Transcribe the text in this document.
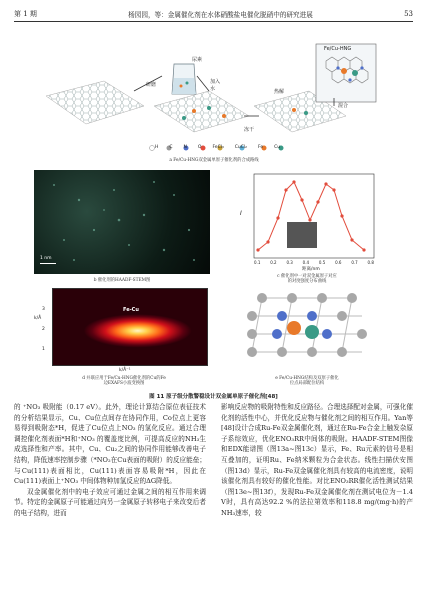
第 1 期	杨园园，等：金属催化剂在水体硝酸盐电催化脱硝中的研究进展	53
尿素
研磨	加入
水
冻干
热解
混合
Fe/Cu-HNG
H C N O FeCl₃ CuCl₂ Fe Cu
a Fe/Cu-HNG双金属单原子催化剂的合成路线
1 nm
b 催化剂的HAADF-STEM图
I
0.1 0.2 0.3 0.4 0.5 0.6 0.7 0.8
距离/nm
c 催化剂中一对双金属原子对应
的对度强度分布曲线
Fe-Cu
3
2
1
k/Å
k/Å⁻¹
d 并联应用于Fe/Cu-HNG催化剂的Cu的Fe
边EXAFS小波变换图
e Fe/Cu-HNG结构及双原子催化
位点局部配位结构
图 11 原子级分散警稳设计双金属单原子催化剂[48]

的 ⁺NO₃ 吸附能（0.17 eV）。此外，理论计算结合原位表征技术的分析结果显示，Cu、Cu位点间存在协同作用，Co位点上更容易得到吸附态*H，促进了Cu位点上NO₃ 的氢化反应。通过合理调控催化剂表面*H和⁺NO₃ 的覆盖度比例，可提高反应的NH₃生成选择性和产率。其中，Cu、Cu₂之间的协同作用能够改善电子结构，降低速率控制步骤（*NO₂在Cu表面的吸附）的反应能垒；与Cu(111)表面相比，Cu(111)表面容易吸附*H，因此在Cu(111)表面上⁺NO₃ 中间体物种加氢反应的ΔG降低。

双金属催化剂中的电子效应可通过金属之间的相互作用来调节。特定的金属原子可能通过向另一金属原子转移电子来改变后者的电子结构，进而

影响反应物的吸附特性和反应路径。合理选择配对金属，可强化催化剂的活性中心，并优化反应物与催化剂之间的相互作用。Yan等[48]设计合成Ru-Fe双金属催化剂，通过在Ru-Fe合金上触发杂原子系综效应，优化ENO₃RR中间体的吸附。HAADF-STEM图像和EDX能谱图（图13a~图13c）显示，Fe、Ru元素的信号是相互叠加的，证明Ru、Fe纳米颗粒为合金状态。线性扫描伏安图（图13d）显示，Ru-Fe双金属催化剂具有较高的电流密度，说明该催化剂具有较好的催化性能。对比ENO₃RR催化活性测试结果（图13e~图13f），发现Ru-Fe双金属催化剂在测试电位为－1.4 V时，具有高达92.2 %的法拉第效率和118.8 mg/(mg·h)的产NH₃速率，较
